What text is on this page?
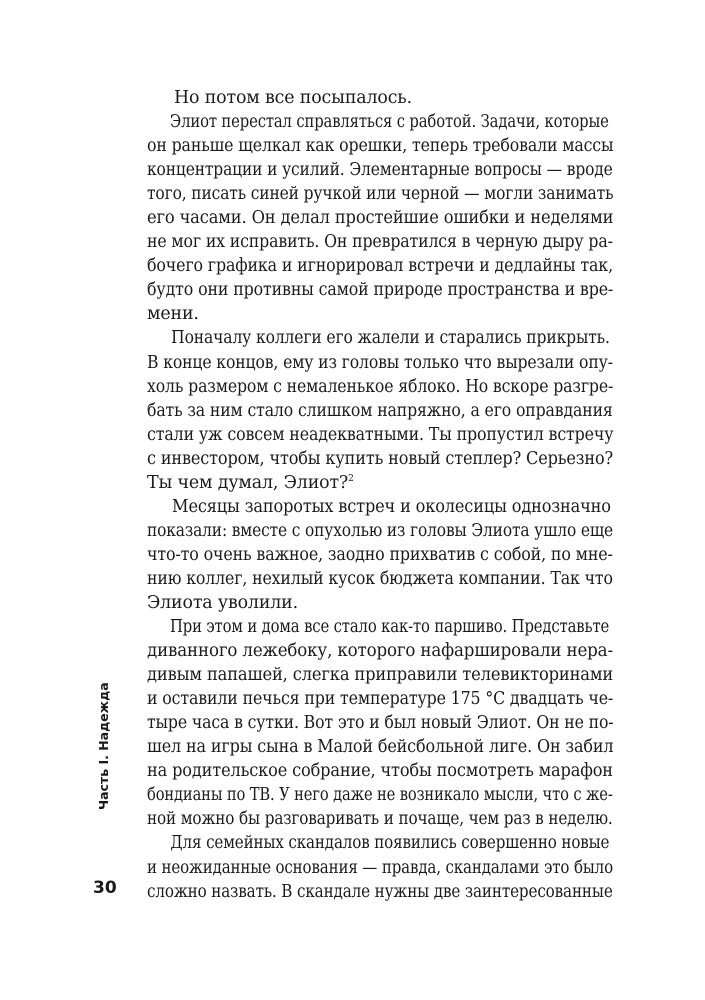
Но потом все посыпалось.
Элиот перестал справляться с работой. Задачи, которые
он раньше щелкал как орешки, теперь требовали массы
концентрации и усилий. Элементарные вопросы — вроде
того, писать синей ручкой или черной — могли занимать
его часами. Он делал простейшие ошибки и неделями
не мог их исправить. Он превратился в черную дыру ра-
бочего графика и игнорировал встречи и дедлайны так,
будто они противны самой природе пространства и вре-
мени.
Поначалу коллеги его жалели и старались прикрыть.
В конце концов, ему из головы только что вырезали опу-
холь размером с немаленькое яблоко. Но вскоре разгре-
бать за ним стало слишком напряжно, а его оправдания
стали уж совсем неадекватными. Ты пропустил встречу
с инвестором, чтобы купить новый степлер? Серьезно?
Ты чем думал, Элиот?$^2$
Месяцы запоротых встреч и околесицы однозначно
показали: вместе с опухолью из головы Элиота ушло еще
что-то очень важное, заодно прихватив с собой, по мне-
нию коллег, нехилый кусок бюджета компании. Так что
Элиота уволили.
При этом и дома все стало как-то паршиво. Представьте
диванного лежебоку, которого нафаршировали нера-
дивым папашей, слегка приправили телевикторинами
и оставили печься при температуре 175 °C двадцать че-
тыре часа в сутки. Вот это и был новый Элиот. Он не по-
шел на игры сына в Малой бейсбольной лиге. Он забил
на родительское собрание, чтобы посмотреть марафон
бондианы по ТВ. У него даже не возникало мысли, что с же-
ной можно бы разговаривать и почаще, чем раз в неделю.
Для семейных скандалов появились совершенно новые
и неожиданные основания — правда, скандалами это было
сложно назвать. В скандале нужны две заинтересованные
Часть I. Надежда
30
